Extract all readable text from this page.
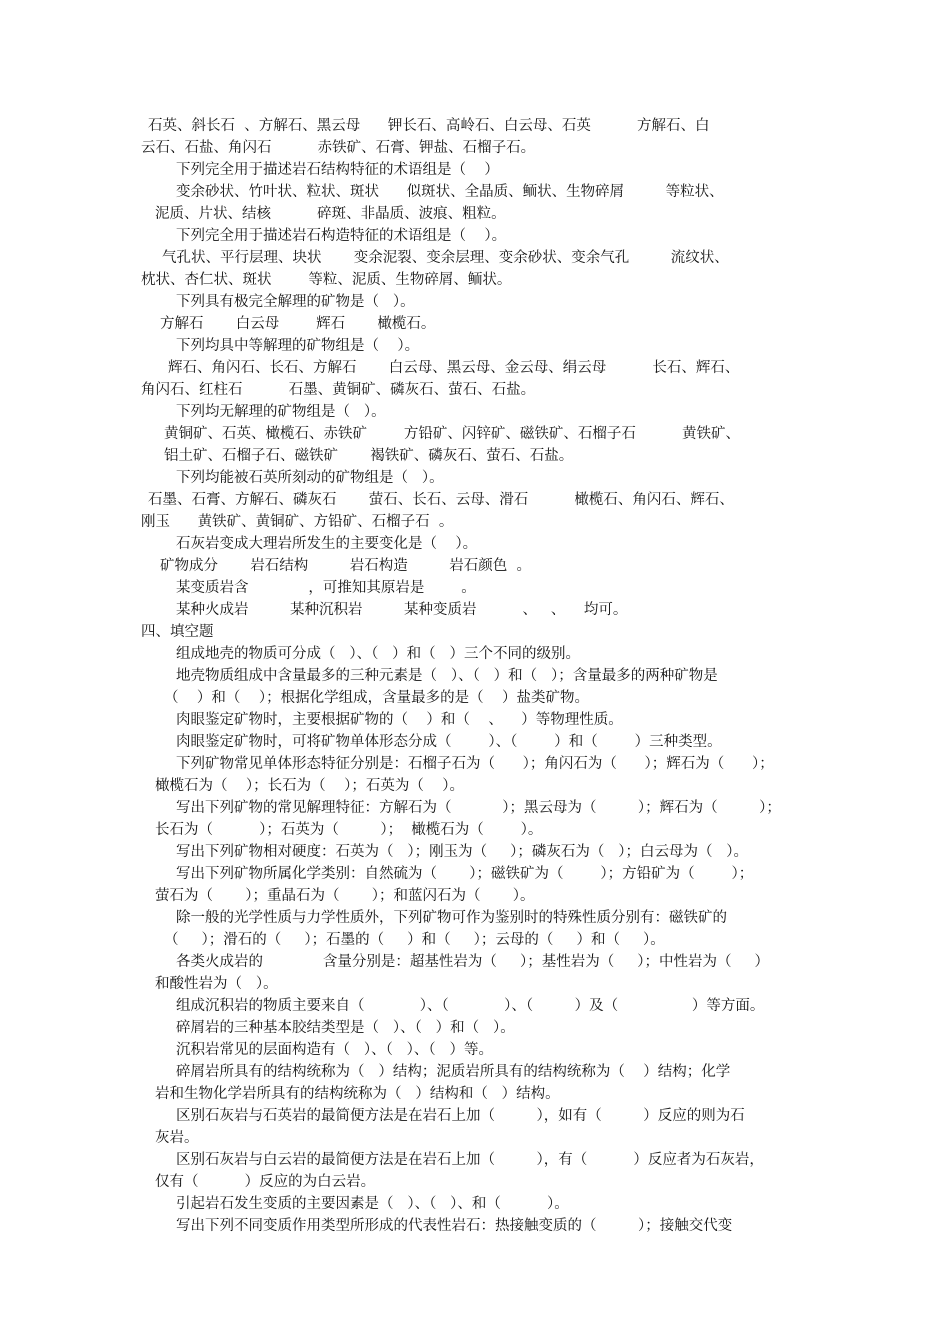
石英、斜长石  、方解石、黑云母      钾长石、高岭石、白云母、石英          方解石、白
云石、石盐、角闪石          赤铁矿、石膏、钾盐、石榴子石。
下列完全用于描述岩石结构特征的术语组是（    ）
变余砂状、竹叶状、粒状、斑状      似斑状、全晶质、鲕状、生物碎屑         等粒状、
泥质、片状、结核          碎斑、非晶质、波痕、粗粒。
下列完全用于描述岩石构造特征的术语组是（    ）。
气孔状、平行层理、块状       变余泥裂、变余层理、变余砂状、变余气孔         流纹状、
枕状、杏仁状、斑状        等粒、泥质、生物碎屑、鲕状。
下列具有极完全解理的矿物是（   ）。
方解石       白云母        辉石       橄榄石。
下列均具中等解理的矿物组是（    ）。
辉石、角闪石、长石、方解石       白云母、黑云母、金云母、绢云母          长石、辉石、
角闪石、红柱石          石墨、黄铜矿、磷灰石、萤石、石盐。
下列均无解理的矿物组是（   ）。
黄铜矿、石英、橄榄石、赤铁矿        方铅矿、闪锌矿、磁铁矿、石榴子石          黄铁矿、
铝土矿、石榴子石、磁铁矿       褐铁矿、磷灰石、萤石、石盐。
下列均能被石英所刻动的矿物组是（   ）。
石墨、石膏、方解石、磷灰石       萤石、长石、云母、滑石          橄榄石、角闪石、辉石、
刚玉      黄铁矿、黄铜矿、方铅矿、石榴子石  。
石灰岩变成大理岩所发生的主要变化是（    ）。
矿物成分       岩石结构         岩石构造         岩石颜色  。
某变质岩含             ，可推知其原岩是        。
某种火成岩         某种沉积岩         某种变质岩          、   、    均可。
四、填空题
组成地壳的物质可分成（   ）、（   ）和（   ）三个不同的级别。
地壳物质组成中含量最多的三种元素是（   ）、（   ）和（   ）；含量最多的两种矿物是
（    ）和（    ）；根据化学组成，含量最多的是（    ）盐类矿物。
肉眼鉴定矿物时，主要根据矿物的（    ）和（    、    ）等物理性质。
肉眼鉴定矿物时，可将矿物单体形态分成（        ）、（        ）和（        ）三种类型。
下列矿物常见单体形态特征分别是：石榴子石为（      ）；角闪石为（      ）；辉石为（      ）；
橄榄石为（    ）；长石为（    ）；石英为（    ）。
写出下列矿物的常见解理特征：方解石为（           ）；黑云母为（         ）；辉石为（         ）；
长石为（          ）；石英为（         ）；  橄榄石为（        ）。
写出下列矿物相对硬度：石英为（   ）；刚玉为（     ）；磷灰石为（   ）；白云母为（   ）。
写出下列矿物所属化学类别：自然硫为（       ）；磁铁矿为（        ）；方铅矿为（        ）；
萤石为（       ）；重晶石为（       ）；和蓝闪石为（       ）。
除一般的光学性质与力学性质外，下列矿物可作为鉴别时的特殊性质分别有：磁铁矿的
（     ）；滑石的（     ）；石墨的（     ）和（     ）；云母的（     ）和（     ）。
各类火成岩的             含量分别是：超基性岩为（     ）；基性岩为（     ）；中性岩为（     ）
和酸性岩为（   ）。
组成沉积岩的物质主要来自（            ）、（            ）、（         ）及（                ）等方面。
碎屑岩的三种基本胶结类型是（   ）、（   ）和（   ）。
沉积岩常见的层面构造有（   ）、（   ）、（   ）等。
碎屑岩所具有的结构统称为（   ）结构；泥质岩所具有的结构统称为（    ）结构；化学
岩和生物化学岩所具有的结构统称为（   ）结构和（   ）结构。
区别石灰岩与石英岩的最简便方法是在岩石上加（         ），如有（         ）反应的则为石
灰岩。
区别石灰岩与白云岩的最简便方法是在岩石上加（         ），有（          ）反应者为石灰岩，
仅有（          ）反应的为白云岩。
引起岩石发生变质的主要因素是（   ）、（   ）、和（          ）。
写出下列不同变质作用类型所形成的代表性岩石：热接触变质的（         ）；接触交代变
